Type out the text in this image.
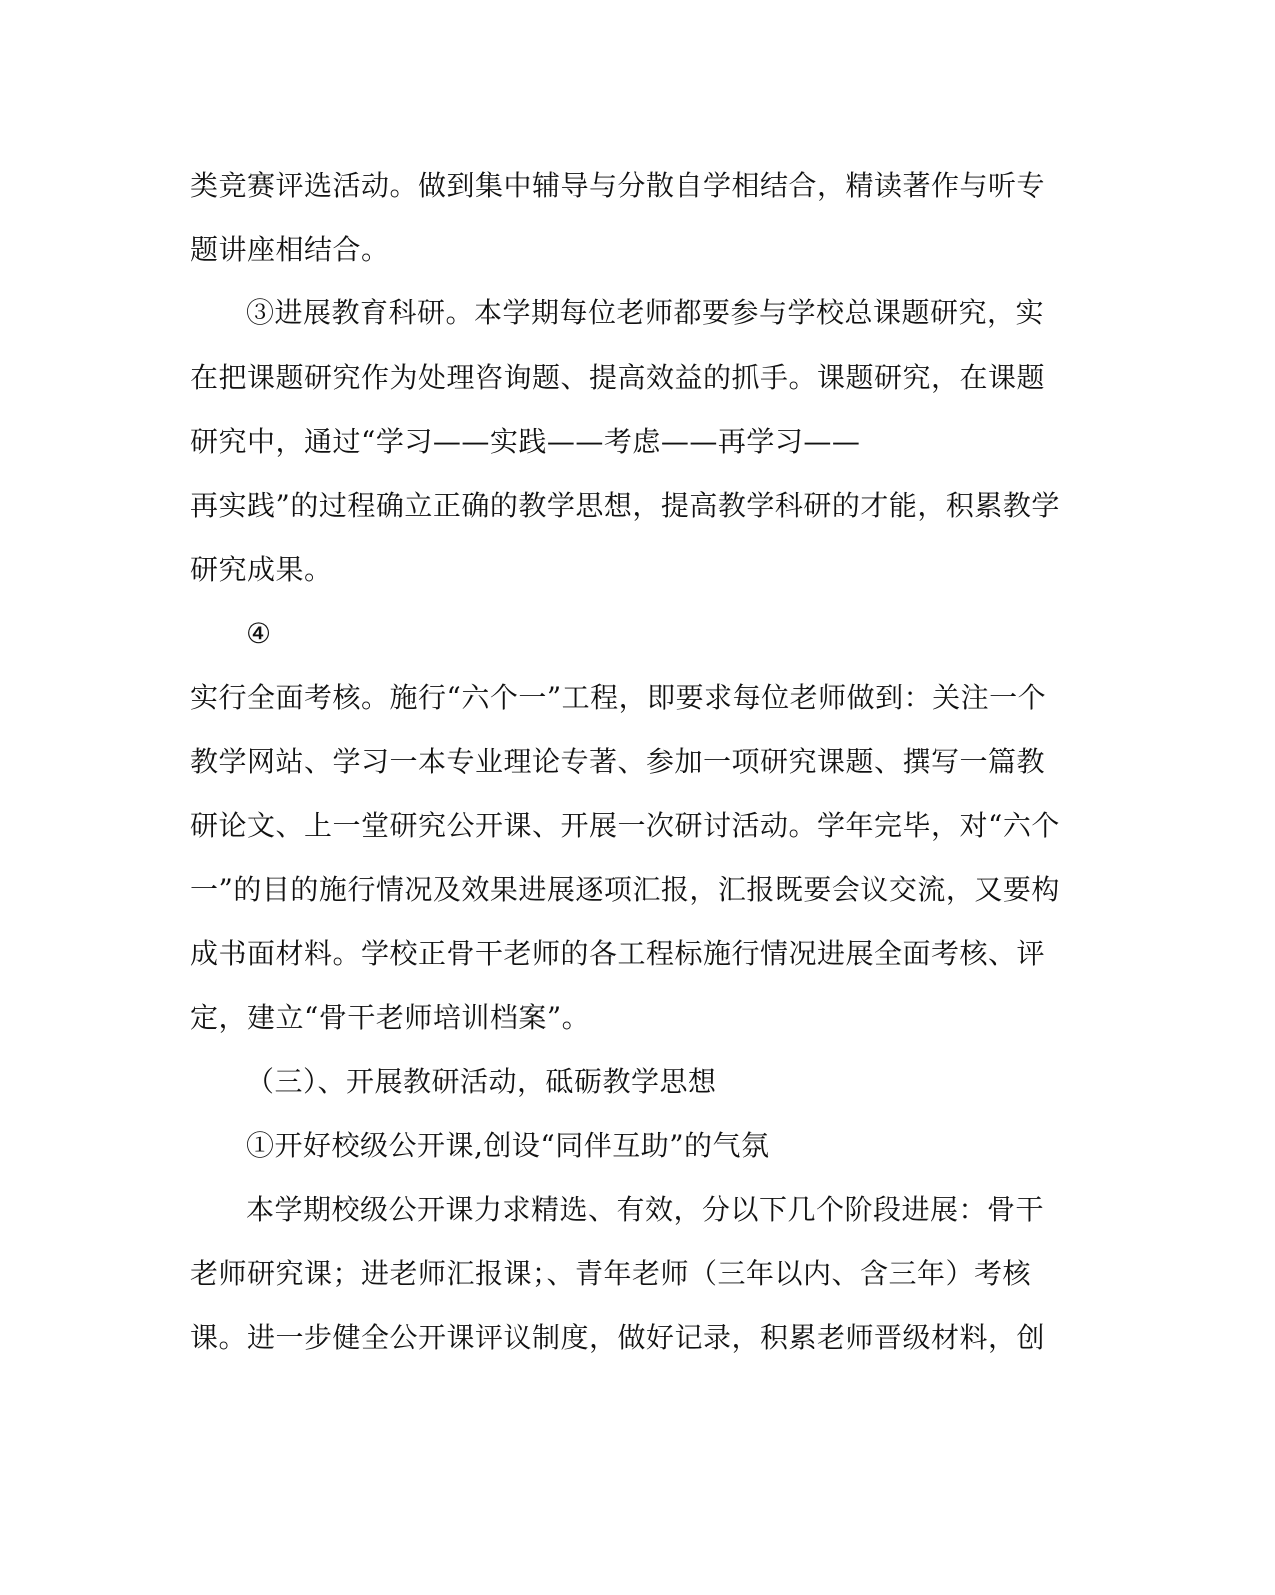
类竞赛评选活动。做到集中辅导与分散自学相结合，精读著作与听专
题讲座相结合。
③进展教育科研。本学期每位老师都要参与学校总课题研究，实
在把课题研究作为处理咨询题、提高效益的抓手。课题研究，在课题
研究中，通过“学习——实践——考虑——再学习——
再实践”的过程确立正确的教学思想，提高教学科研的才能，积累教学
研究成果。
④
实行全面考核。施行“六个一”工程，即要求每位老师做到：关注一个
教学网站、学习一本专业理论专著、参加一项研究课题、撰写一篇教
研论文、上一堂研究公开课、开展一次研讨活动。学年完毕，对“六个
一”的目的施行情况及效果进展逐项汇报，汇报既要会议交流，又要构
成书面材料。学校正骨干老师的各工程标施行情况进展全面考核、评
定，建立“骨干老师培训档案”。
（三）、开展教研活动，砥砺教学思想
①开好校级公开课,创设“同伴互助”的气氛
本学期校级公开课力求精选、有效，分以下几个阶段进展：骨干
老师研究课；进老师汇报课；、青年老师（三年以内、含三年）考核
课。进一步健全公开课评议制度，做好记录，积累老师晋级材料，创
